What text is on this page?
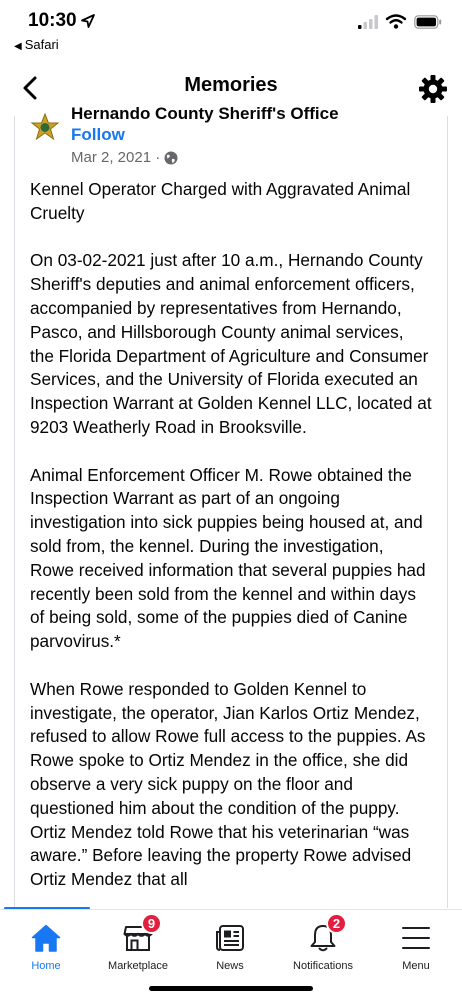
10:30
◀ Safari
Memories
Hernando County Sheriff's Office
Follow
Mar 2, 2021 ·

Kennel Operator Charged with Aggravated Animal Cruelty

On 03-02-2021 just after 10 a.m., Hernando County Sheriff's deputies and animal enforcement officers, accompanied by representatives from Hernando, Pasco, and Hillsborough County animal services, the Florida Department of Agriculture and Consumer Services, and the University of Florida executed an Inspection Warrant at Golden Kennel LLC, located at 9203 Weatherly Road in Brooksville.

Animal Enforcement Officer M. Rowe obtained the Inspection Warrant as part of an ongoing investigation into sick puppies being housed at, and sold from, the kennel. During the investigation, Rowe received information that several puppies had recently been sold from the kennel and within days of being sold, some of the puppies died of Canine parvovirus.*

When Rowe responded to Golden Kennel to investigate, the operator, Jian Karlos Ortiz Mendez, refused to allow Rowe full access to the puppies. As Rowe spoke to Ortiz Mendez in the office, she did observe a very sick puppy on the floor and questioned him about the condition of the puppy. Ortiz Mendez told Rowe that his veterinarian “was aware.” Before leaving the property Rowe advised Ortiz Mendez that all

Home
9
Marketplace	News
2
Notifications	Menu
